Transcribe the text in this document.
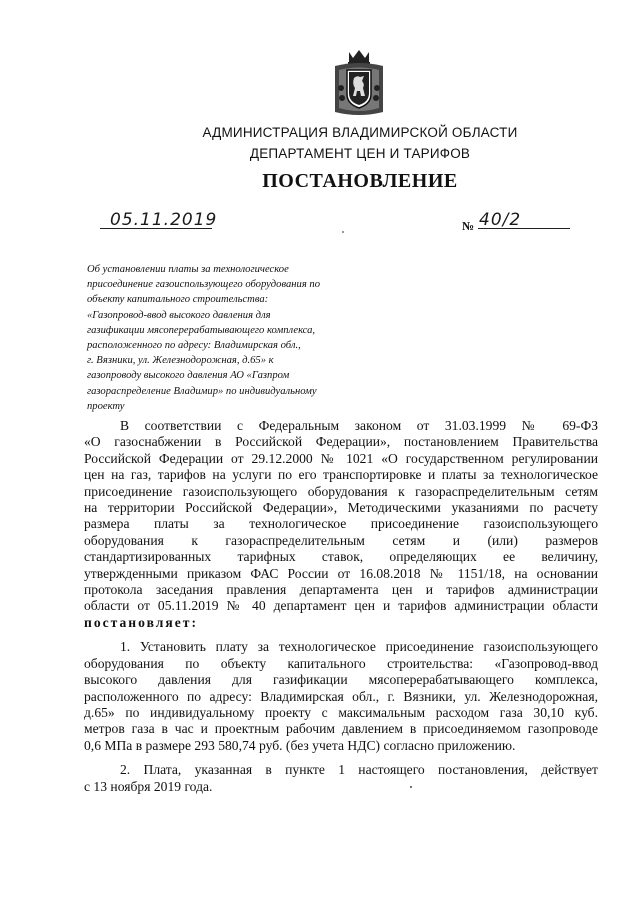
АДМИНИСТРАЦИЯ ВЛАДИМИРСКОЙ ОБЛАСТИ
ДЕПАРТАМЕНТ ЦЕН И ТАРИФОВ
ПОСТАНОВЛЕНИЕ
05.11.2019	№ 40/2
Об установлении платы за технологическое
присоединение газоиспользующего оборудования по
объекту капитального строительства:
«Газопровод-ввод высокого давления для
газификации мясоперерабатывающего комплекса,
расположенного по адресу: Владимирская обл.,
г. Вязники, ул. Железнодорожная, д.65» к
газопроводу высокого давления АО «Газпром
газораспределение Владимир» по индивидуальному
проекту
В соответствии с Федеральным законом от 31.03.1999 № 69-ФЗ
«О газоснабжении в Российской Федерации», постановлением Правительства
Российской Федерации от 29.12.2000 № 1021 «О государственном регулировании
цен на газ, тарифов на услуги по его транспортировке и платы за технологическое
присоединение газоиспользующего оборудования к газораспределительным сетям
на территории Российской Федерации», Методическими указаниями по расчету
размера платы за технологическое присоединение газоиспользующего
оборудования к газораспределительным сетям и (или) размеров
стандартизированных тарифных ставок, определяющих ее величину,
утвержденными приказом ФАС России от 16.08.2018 № 1151/18, на основании
протокола заседания правления департамента цен и тарифов администрации
области от 05.11.2019 № 40 департамент цен и тарифов администрации области
постановляет:
1. Установить плату за технологическое присоединение газоиспользующего
оборудования по объекту капитального строительства: «Газопровод-ввод
высокого давления для газификации мясоперерабатывающего комплекса,
расположенного по адресу: Владимирская обл., г. Вязники, ул. Железнодорожная,
д.65» по индивидуальному проекту с максимальным расходом газа 30,10 куб.
метров газа в час и проектным рабочим давлением в присоединяемом газопроводе
0,6 МПа в размере 293 580,74 руб. (без учета НДС) согласно приложению.
2. Плата, указанная в пункте 1 настоящего постановления, действует
с 13 ноября 2019 года.
